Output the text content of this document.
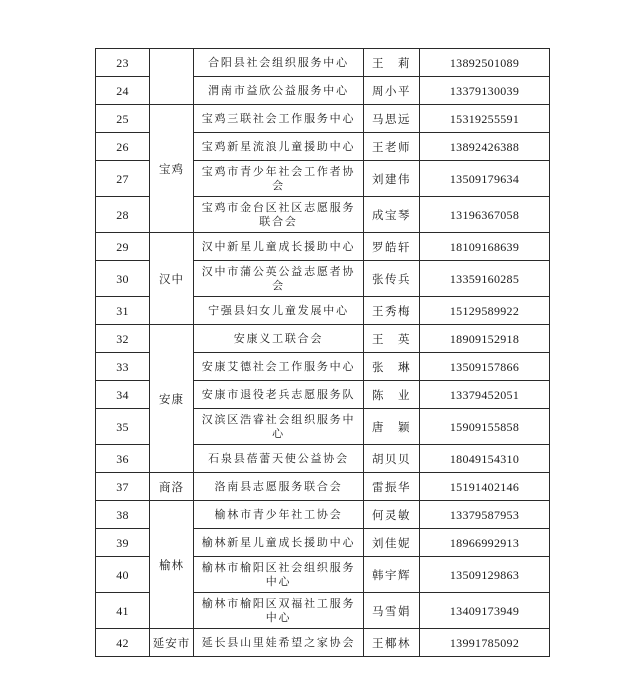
23		合阳县社会组织服务中心	王　莉	13892501089
24		渭南市益欣公益服务中心	周小平	13379130039
25	宝鸡	宝鸡三联社会工作服务中心	马思远	15319255591
26		宝鸡新星流浪儿童援助中心	王老师	13892426388
27		宝鸡市青少年社会工作者协会	刘建伟	13509179634
28		宝鸡市金台区社区志愿服务联合会	成宝琴	13196367058
29	汉中	汉中新星儿童成长援助中心	罗皓轩	18109168639
30		汉中市蒲公英公益志愿者协会	张传兵	13359160285
31		宁强县妇女儿童发展中心	王秀梅	15129589922
32	安康	安康义工联合会	王　英	18909152918
33		安康艾德社会工作服务中心	张　琳	13509157866
34		安康市退役老兵志愿服务队	陈　业	13379452051
35		汉滨区浩睿社会组织服务中心	唐　颖	15909155858
36		石泉县蓓蕾天使公益协会	胡贝贝	18049154310
37	商洛	洛南县志愿服务联合会	雷振华	15191402146
38	榆林	榆林市青少年社工协会	何灵敏	13379587953
39		榆林新星儿童成长援助中心	刘佳妮	18966992913
40		榆林市榆阳区社会组织服务中心	韩宇辉	13509129863
41		榆林市榆阳区双福社工服务中心	马雪娟	13409173949
42	延安市	延长县山里娃希望之家协会	王椰林	13991785092
